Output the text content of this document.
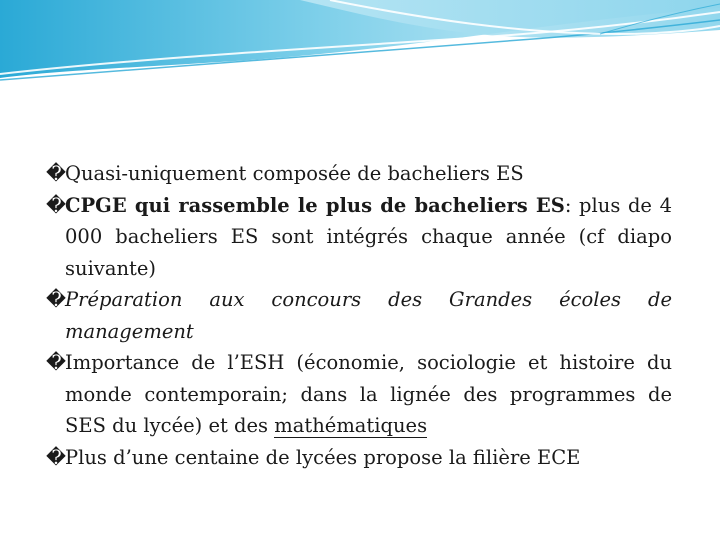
� Quasi-uniquement composée de bacheliers ES
� CPGE qui rassemble le plus de bacheliers ES: plus de 4 000 bacheliers ES sont intégrés chaque année (cf diapo suivante)
� Préparation aux concours des Grandes écoles de management
� Importance de l’ESH (économie, sociologie et histoire du monde contemporain; dans la lignée des programmes de SES du lycée) et des mathématiques
� Plus d’une centaine de lycées propose la filière ECE
